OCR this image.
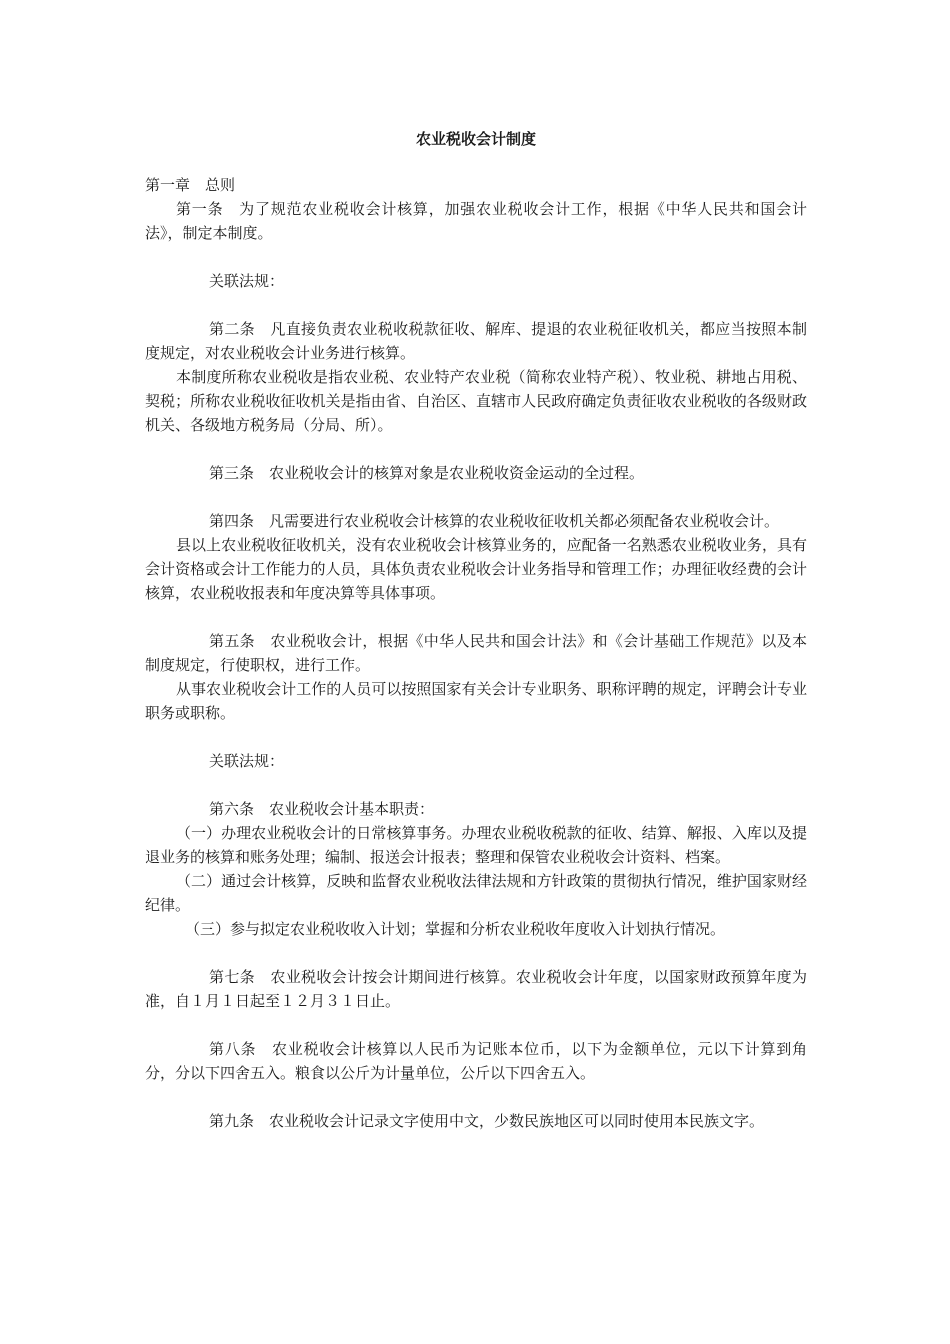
农业税收会计制度

第一章　总则

第一条　为了规范农业税收会计核算，加强农业税收会计工作，根据《中华人民共和国会计法》，制定本制度。

关联法规：

第二条　凡直接负责农业税收税款征收、解库、提退的农业税征收机关，都应当按照本制度规定，对农业税收会计业务进行核算。

本制度所称农业税收是指农业税、农业特产农业税（简称农业特产税）、牧业税、耕地占用税、契税；所称农业税收征收机关是指由省、自治区、直辖市人民政府确定负责征收农业税收的各级财政机关、各级地方税务局（分局、所）。

第三条　农业税收会计的核算对象是农业税收资金运动的全过程。

第四条　凡需要进行农业税收会计核算的农业税收征收机关都必须配备农业税收会计。

县以上农业税收征收机关，没有农业税收会计核算业务的，应配备一名熟悉农业税收业务，具有会计资格或会计工作能力的人员，具体负责农业税收会计业务指导和管理工作；办理征收经费的会计核算，农业税收报表和年度决算等具体事项。

第五条　农业税收会计，根据《中华人民共和国会计法》和《会计基础工作规范》以及本制度规定，行使职权，进行工作。

从事农业税收会计工作的人员可以按照国家有关会计专业职务、职称评聘的规定，评聘会计专业职务或职称。

关联法规：

第六条　农业税收会计基本职责：

（一）办理农业税收会计的日常核算事务。办理农业税收税款的征收、结算、解报、入库以及提退业务的核算和账务处理；编制、报送会计报表；整理和保管农业税收会计资料、档案。

（二）通过会计核算，反映和监督农业税收法律法规和方针政策的贯彻执行情况，维护国家财经纪律。

（三）参与拟定农业税收收入计划；掌握和分析农业税收年度收入计划执行情况。

第七条　农业税收会计按会计期间进行核算。农业税收会计年度，以国家财政预算年度为准，自１月１日起至１２月３１日止。

第八条　农业税收会计核算以人民币为记账本位币，以下为金额单位，元以下计算到角分，分以下四舍五入。粮食以公斤为计量单位，公斤以下四舍五入。

第九条　农业税收会计记录文字使用中文，少数民族地区可以同时使用本民族文字。
